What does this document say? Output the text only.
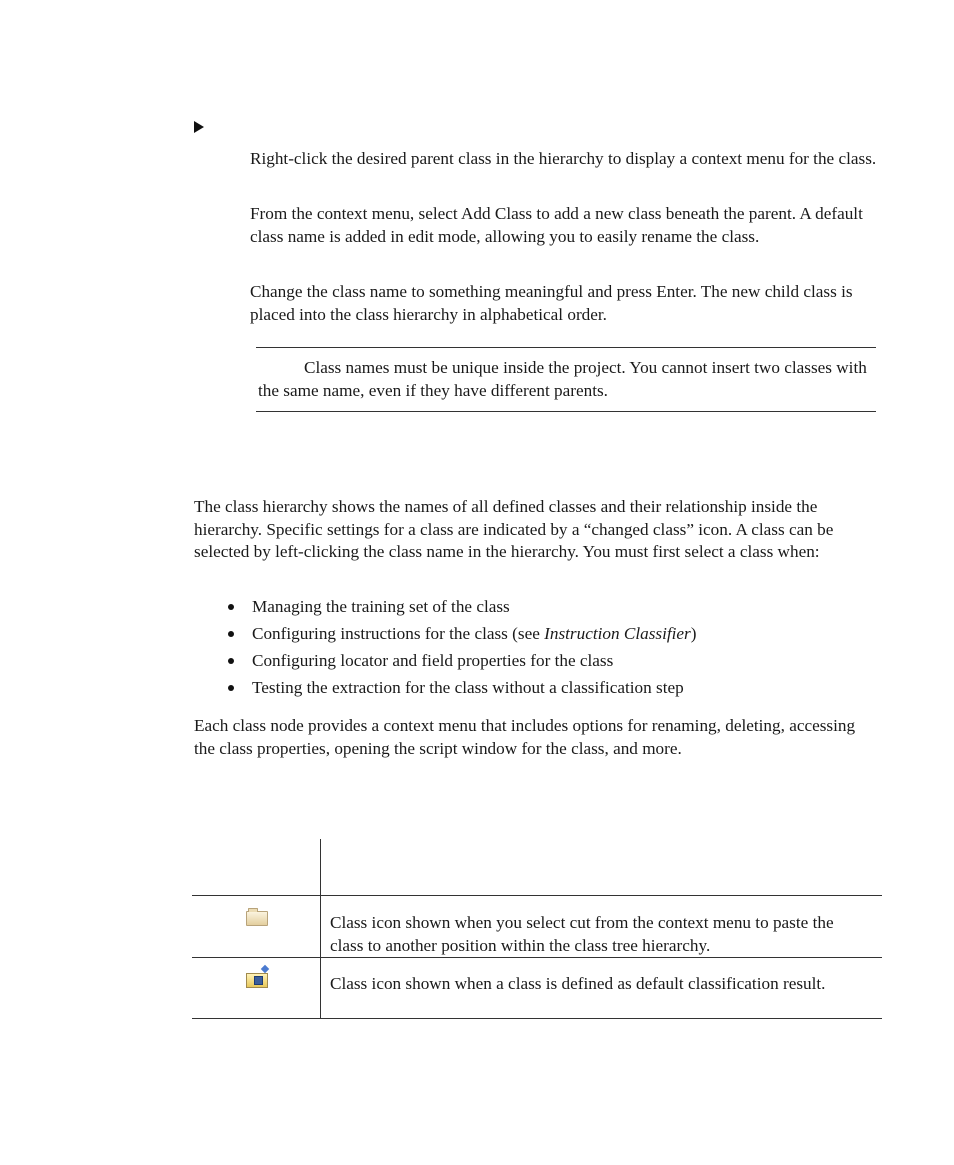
Right-click the desired parent class in the hierarchy to display a context menu for the class.

From the context menu, select Add Class to add a new class beneath the parent. A default class name is added in edit mode, allowing you to easily rename the class.

Change the class name to something meaningful and press Enter. The new child class is placed into the class hierarchy in alphabetical order.

Class names must be unique inside the project. You cannot insert two classes with the same name, even if they have different parents.

The class hierarchy shows the names of all defined classes and their relationship inside the hierarchy. Specific settings for a class are indicated by a “changed class” icon. A class can be selected by left-clicking the class name in the hierarchy. You must first select a class when:

Managing the training set of the class
Configuring instructions for the class (see Instruction Classifier)
Configuring locator and field properties for the class
Testing the extraction for the class without a classification step

Each class node provides a context menu that includes options for renaming, deleting, accessing the class properties, opening the script window for the class, and more.

Class icon shown when you select cut from the context menu to paste the class to another position within the class tree hierarchy.
Class icon shown when a class is defined as default classification result.
